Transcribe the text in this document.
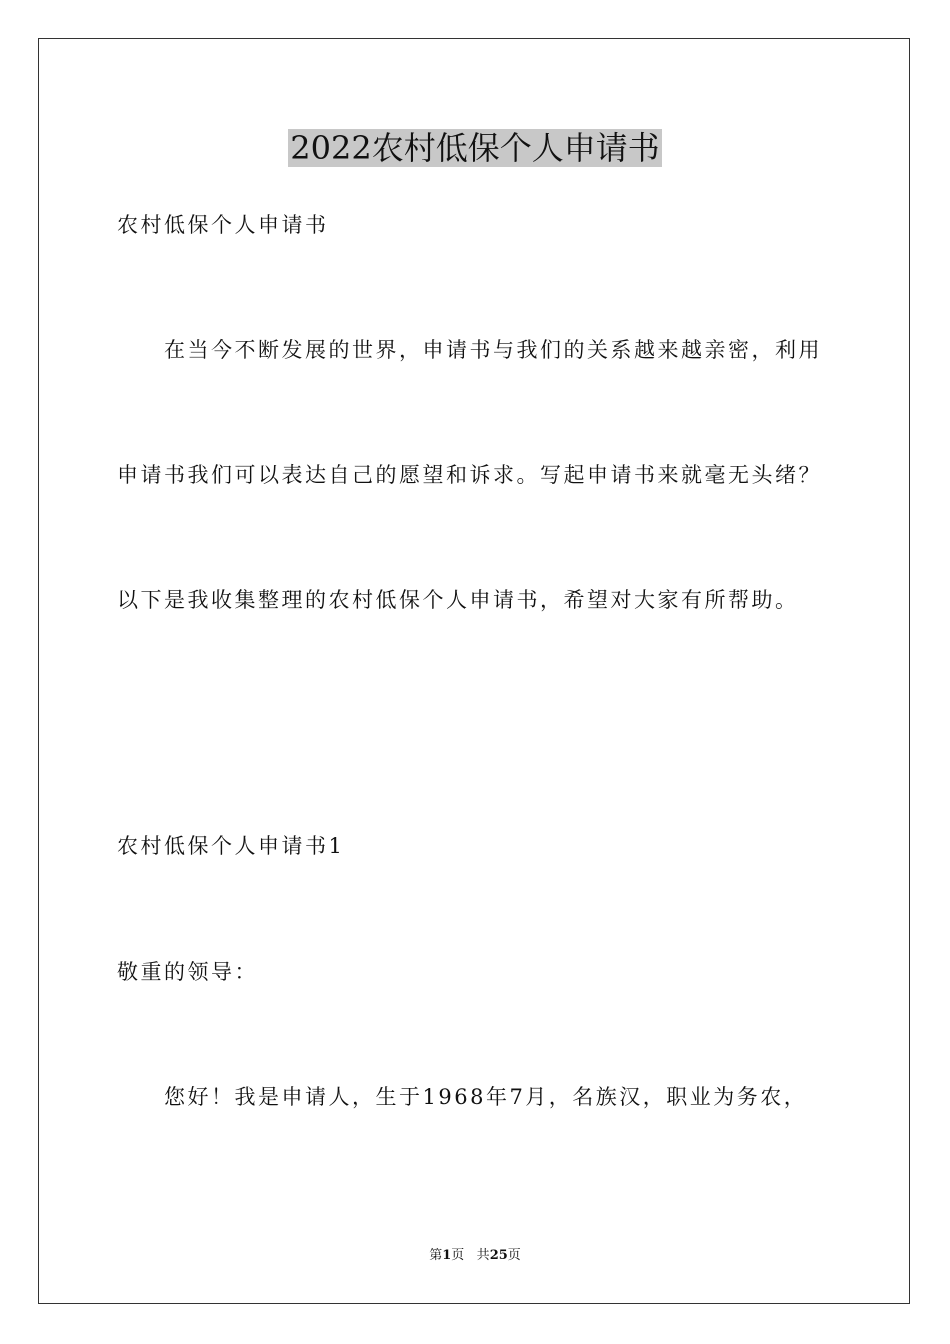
2022农村低保个人申请书

农村低保个人申请书

　　在当今不断发展的世界，申请书与我们的关系越来越亲密，利用

申请书我们可以表达自己的愿望和诉求。写起申请书来就毫无头绪？

以下是我收集整理的农村低保个人申请书，希望对大家有所帮助。

农村低保个人申请书1

敬重的领导：

　　您好！我是申请人，生于1968年7月，名族汉，职业为务农，

第1页 共25页
